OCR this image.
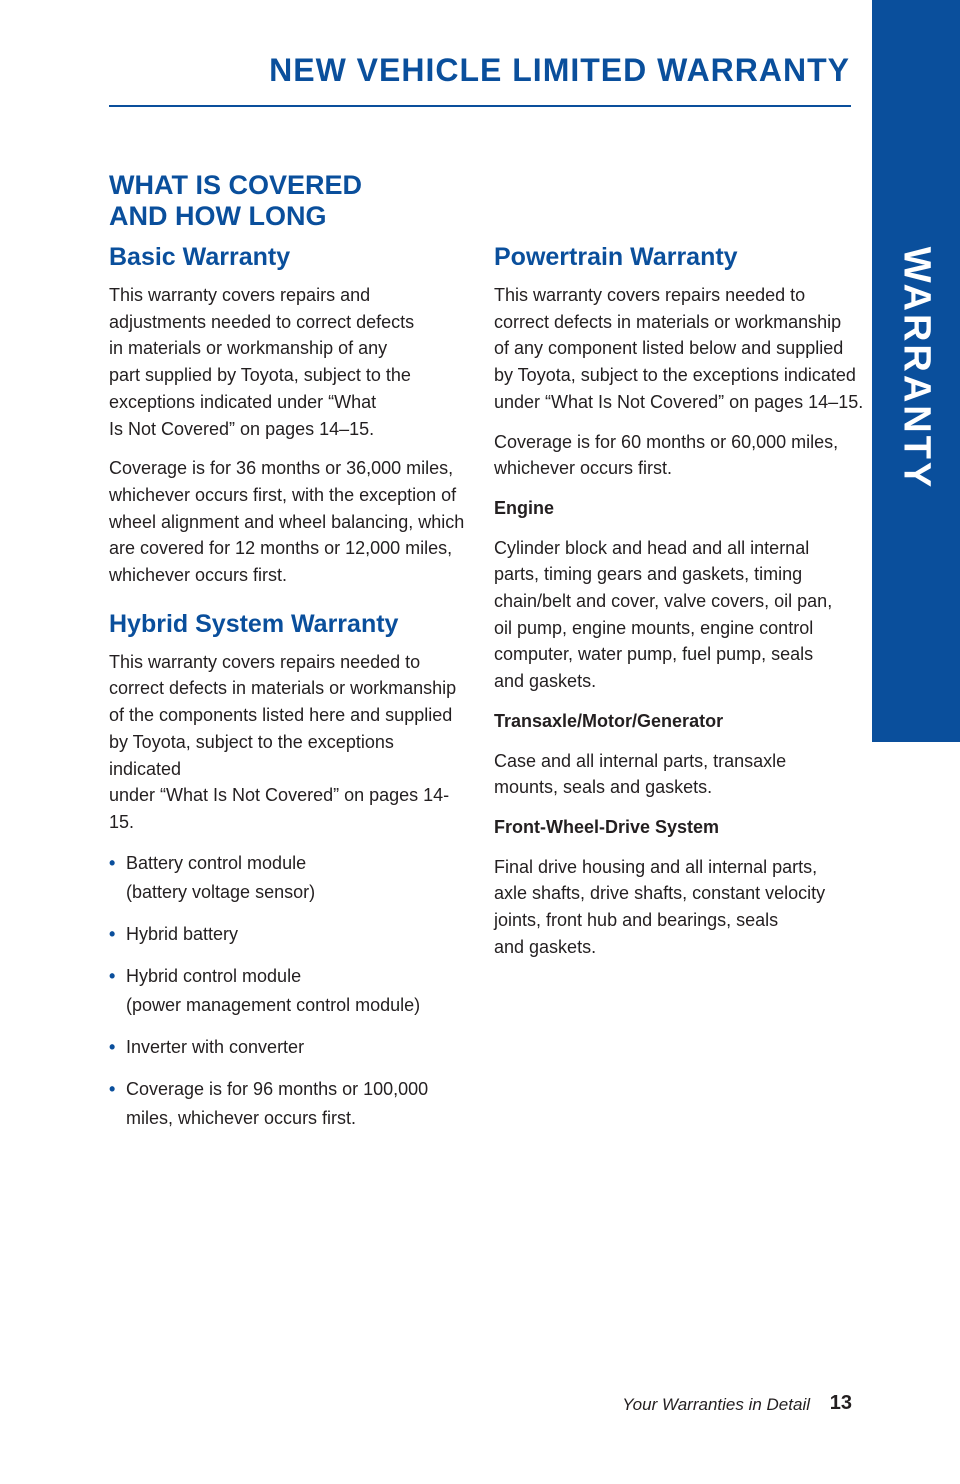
WARRANTY
NEW VEHICLE LIMITED WARRANTY
WHAT IS COVERED
AND HOW LONG
Basic Warranty

This warranty covers repairs and
adjustments needed to correct defects
in materials or workmanship of any
part supplied by Toyota, subject to the
exceptions indicated under “What
Is Not Covered” on pages 14–15.

Coverage is for 36 months or 36,000 miles,
whichever occurs first, with the exception of
wheel alignment and wheel balancing, which
are covered for 12 months or 12,000 miles,
whichever occurs first.

Hybrid System Warranty

This warranty covers repairs needed to
correct defects in materials or workmanship
of the components listed here and supplied
by Toyota, subject to the exceptions indicated
under “What Is Not Covered” on pages 14-15.

• Battery control module
(battery voltage sensor)
• Hybrid battery
• Hybrid control module
(power management control module)
• Inverter with converter
• Coverage is for 96 months or 100,000
miles, whichever occurs first.
Powertrain Warranty

This warranty covers repairs needed to
correct defects in materials or workmanship
of any component listed below and supplied
by Toyota, subject to the exceptions indicated
under “What Is Not Covered” on pages 14–15.

Coverage is for 60 months or 60,000 miles,
whichever occurs first.

Engine

Cylinder block and head and all internal
parts, timing gears and gaskets, timing
chain/belt and cover, valve covers, oil pan,
oil pump, engine mounts, engine control
computer, water pump, fuel pump, seals
and gaskets.

Transaxle/Motor/Generator

Case and all internal parts, transaxle
mounts, seals and gaskets.

Front-Wheel-Drive System

Final drive housing and all internal parts,
axle shafts, drive shafts, constant velocity
joints, front hub and bearings, seals
and gaskets.

Your Warranties in Detail 13
